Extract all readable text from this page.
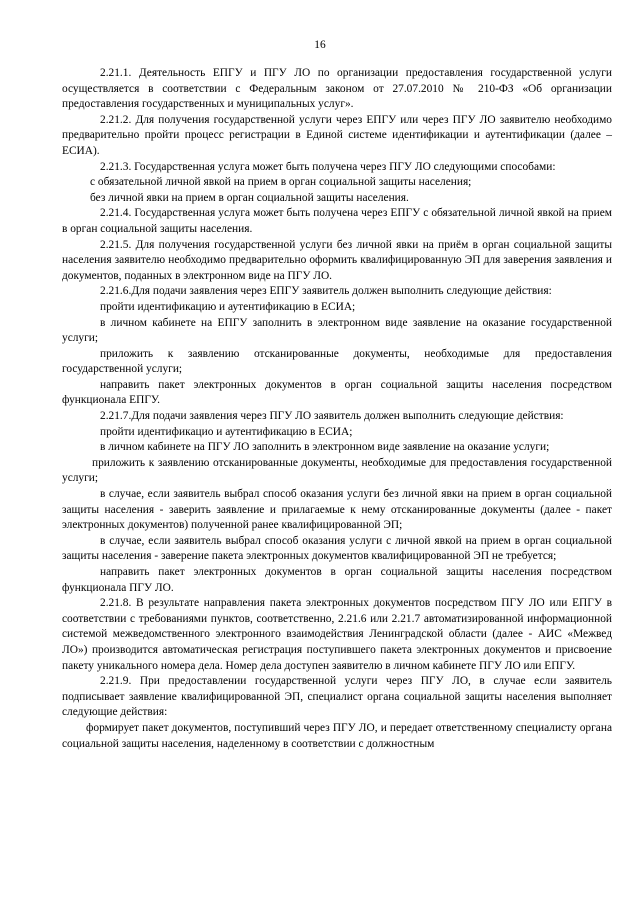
16

2.21.1. Деятельность ЕПГУ и ПГУ ЛО по организации предоставления государственной услуги осуществляется в соответствии с Федеральным законом от 27.07.2010 № 210-ФЗ «Об организации предоставления государственных и муниципальных услуг».

2.21.2. Для получения государственной услуги через ЕПГУ или через ПГУ ЛО заявителю необходимо предварительно пройти процесс регистрации в Единой системе идентификации и аутентификации (далее – ЕСИА).

2.21.3. Государственная услуга может быть получена через ПГУ ЛО следующими способами:

с обязательной личной явкой на прием в орган социальной защиты населения;

без личной явки на прием в орган социальной защиты населения.

2.21.4. Государственная услуга может быть получена через ЕПГУ с обязательной личной явкой на прием в орган социальной защиты населения.

2.21.5. Для получения государственной услуги без личной явки на приём в орган социальной защиты населения заявителю необходимо предварительно оформить квалифицированную ЭП для заверения заявления и документов, поданных в электронном виде на ПГУ ЛО.

2.21.6.Для подачи заявления через ЕПГУ заявитель должен выполнить следующие действия:

пройти идентификацию и аутентификацию в ЕСИА;

в личном кабинете на ЕПГУ заполнить в электронном виде заявление на оказание государственной услуги;

приложить к заявлению отсканированные документы, необходимые для предоставления государственной услуги;

направить пакет электронных документов в орган социальной защиты населения посредством функционала ЕПГУ.

2.21.7.Для подачи заявления через ПГУ ЛО заявитель должен выполнить следующие действия:

пройти идентификацио и аутентификацию в ЕСИА;

в личном кабинете на ПГУ ЛО заполнить в электронном виде заявление на оказание услуги;

приложить к заявлению отсканированные документы, необходимые для предоставления государственной услуги;

в случае, если заявитель выбрал способ оказания услуги без личной явки на прием в орган социальной защиты населения - заверить заявление и прилагаемые к нему отсканированные документы (далее - пакет электронных документов) полученной ранее квалифицированной ЭП;

в случае, если заявитель выбрал способ оказания услуги с личной явкой на прием в орган социальной защиты населения - заверение пакета электронных документов квалифицированной ЭП не требуется;

направить пакет электронных документов в орган социальной защиты населения посредством функционала ПГУ ЛО.

2.21.8. В результате направления пакета электронных документов посредством ПГУ ЛО или ЕПГУ в соответствии с требованиями пунктов, соответственно, 2.21.6 или 2.21.7 автоматизированной информационной системой межведомственного электронного взаимодействия Ленинградской области (далее - АИС «Межвед ЛО») производится автоматическая регистрация поступившего пакета электронных документов и присвоение пакету уникального номера дела. Номер дела доступен заявителю в личном кабинете ПГУ ЛО или ЕПГУ.

2.21.9. При предоставлении государственной услуги через ПГУ ЛО, в случае если заявитель подписывает заявление квалифицированной ЭП, специалист органа социальной защиты населения выполняет следующие действия:

формирует пакет документов, поступивший через ПГУ ЛО, и передает ответственному специалисту органа социальной защиты населения, наделенному в соответствии с должностным
